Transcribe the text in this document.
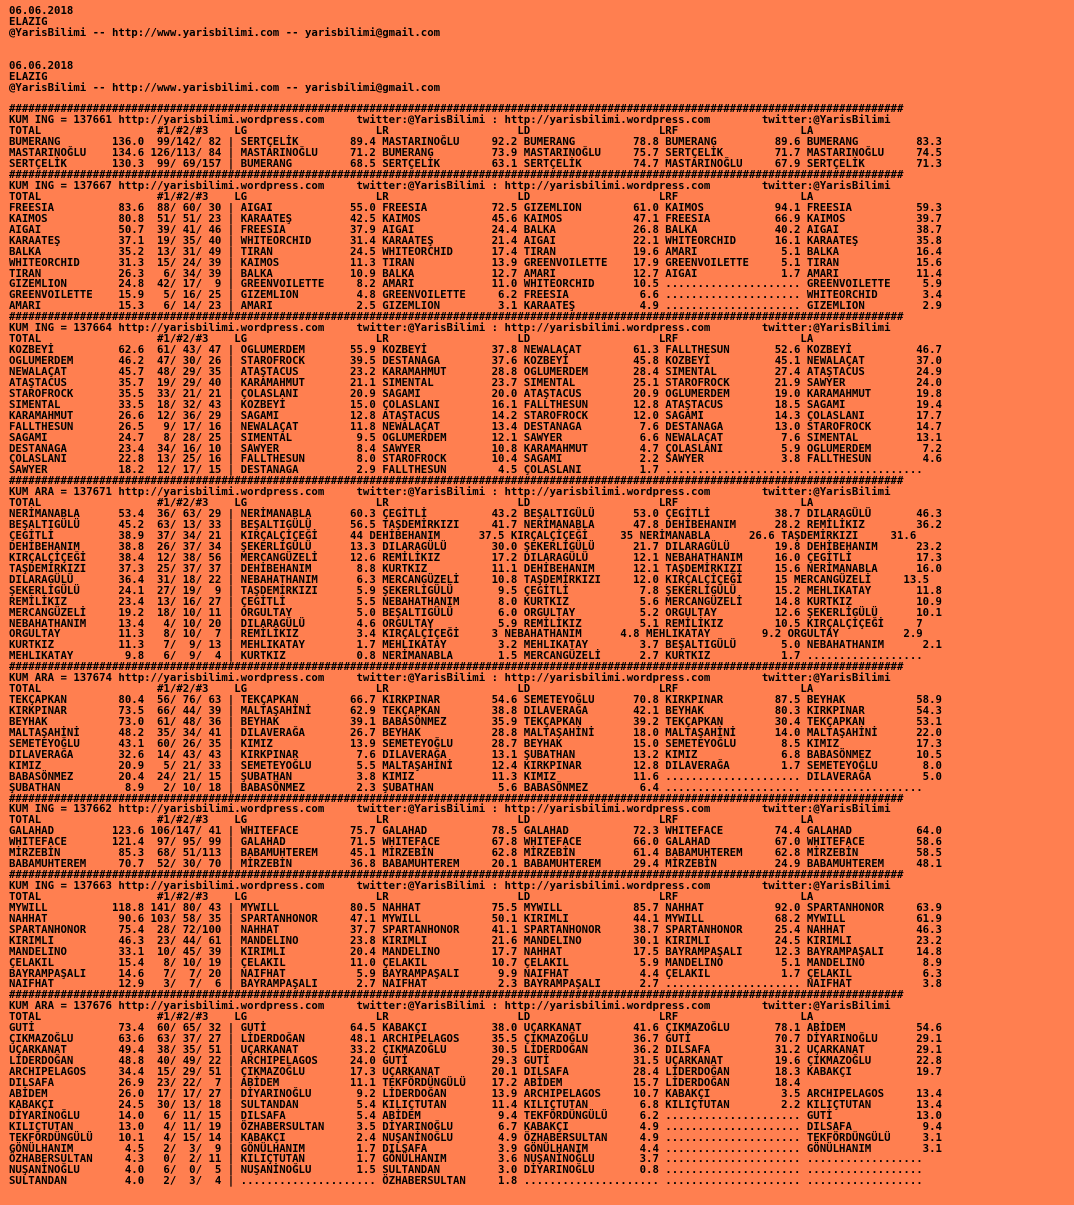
06.06.2018
ELAZIG
@YarisBilimi -- http://www.yarisbilimi.com -- yarisbilimi@gmail.com
06.06.2018
ELAZIG
@YarisBilimi -- http://www.yarisbilimi.com -- yarisbilimi@gmail.com
###########################################################################################################################################
KUM ING = 137661 http://yarisbilimi.wordpress.com     twitter:@YarisBilimi : http://yarisbilimi.wordpress.com        twitter:@YarisBilimi
TOTAL                  #1/#2/#3    LG                    LR                    LD                    LRF                   LA
BUMERANG        136.0  99/142/ 82 | SERTÇELİK        89.4 MASTARINOĞLU     92.2 BUMERANG         78.8 BUMERANG         89.6 BUMERANG         83.3
MASTARINOĞLU    134.6 126/113/ 84 | MASTARINOĞLU     71.2 BUMERANG         73.9 MASTARINOĞLU     75.7 SERTÇELİK        71.7 MASTARINOĞLU     74.5
SERTÇELİK       130.3  99/ 69/157 | BUMERANG         68.5 SERTÇELİK        63.1 SERTÇELİK        74.7 MASTARINOĞLU     67.9 SERTÇELİK        71.3
###########################################################################################################################################
KUM ING = 137667 http://yarisbilimi.wordpress.com     twitter:@YarisBilimi : http://yarisbilimi.wordpress.com        twitter:@YarisBilimi
TOTAL                  #1/#2/#3    LG                    LR                    LD                    LRF                   LA
FREESIA          83.6  88/ 60/ 30 | AIGAI            55.0 FREESIA          72.5 GIZEMLION        61.0 KAIMOS           94.1 FREESIA          59.3
KAIMOS           80.8  51/ 51/ 23 | KARAATEŞ         42.5 KAIMOS           45.6 KAIMOS           47.1 FREESIA          66.9 KAIMOS           39.7
AIGAI            50.7  39/ 41/ 46 | FREESIA          37.9 AIGAI            24.4 BALKA            26.8 BALKA            40.2 AIGAI            38.7
KARAATEŞ         37.1  19/ 35/ 40 | WHITEORCHID      31.4 KARAATEŞ         21.4 AIGAI            22.1 WHITEORCHID      16.1 KARAATEŞ         35.8
BALKA            35.2  13/ 31/ 49 | TIRAN            24.5 WHITEORCHID      17.4 TIRAN            19.6 AMARI             5.1 BALKA            16.4
WHITEORCHID      31.3  15/ 24/ 39 | KAIMOS           11.3 TIRAN            13.9 GREENVOILETTE    17.9 GREENVOILETTE     5.1 TIRAN            15.6
TIRAN            26.3   6/ 34/ 39 | BALKA            10.9 BALKA            12.7 AMARI            12.7 AIGAI             1.7 AMARI            11.4
GIZEMLION        24.8  42/ 17/  9 | GREENVOILETTE     8.2 AMARI            11.0 WHITEORCHID      10.5 ..................... GREENVOILETTE     5.9
GREENVOILETTE    15.9   5/ 16/ 25 | GIZEMLION         4.8 GREENVOILETTE     6.2 FREESIA           6.6 ..................... WHITEORCHID       3.4
AMARI            15.3   6/ 14/ 23 | AMARI             2.5 GIZEMLION         3.1 KARAATEŞ          4.9 ..................... GIZEMLION         2.9
###########################################################################################################################################
KUM ING = 137664 http://yarisbilimi.wordpress.com     twitter:@YarisBilimi : http://yarisbilimi.wordpress.com        twitter:@YarisBilimi
TOTAL                  #1/#2/#3    LG                    LR                    LD                    LRF                   LA
KOZBEYİ          62.6  61/ 43/ 47 | OGLUMERDEM       55.9 KOZBEYİ          37.8 NEWALAÇAT        61.3 FALLTHESUN       52.6 KOZBEYİ          46.7
OGLUMERDEM       46.2  47/ 30/ 26 | STAROFROCK       39.5 DESTANAGA        37.6 KOZBEYİ          45.8 KOZBEYİ          45.1 NEWALAÇAT        37.0
NEWALAÇAT        45.7  48/ 29/ 35 | ATAŞTACUS        23.2 KARAMAHMUT       28.8 OGLUMERDEM       28.4 SIMENTAL         27.4 ATAŞTACUS        24.9
ATAŞTACUS        35.7  19/ 29/ 40 | KARAMAHMUT       21.1 SIMENTAL         23.7 SIMENTAL         25.1 STAROFROCK       21.9 SAWYER           24.0
STAROFROCK       35.5  33/ 21/ 21 | ÇOLASLANI        20.9 SAGAMI           20.0 ATAŞTACUS        20.9 OGLUMERDEM       19.0 KARAMAHMUT       19.8
SIMENTAL         33.5  18/ 32/ 43 | KOZBEYİ          15.0 ÇOLASLANI        16.1 FALLTHESUN       12.8 ATAŞTACUS        18.5 SAGAMI           19.4
KARAMAHMUT       26.6  12/ 36/ 29 | SAGAMI           12.8 ATAŞTACUS        14.2 STAROFROCK       12.0 SAGAMI           14.3 ÇOLASLANI        17.7
FALLTHESUN       26.5   9/ 17/ 16 | NEWALAÇAT        11.8 NEWALAÇAT        13.4 DESTANAGA         7.6 DESTANAGA        13.0 STAROFROCK       14.7
SAGAMI           24.7   8/ 28/ 25 | SIMENTAL          9.5 OGLUMERDEM       12.1 SAWYER            6.6 NEWALAÇAT         7.6 SIMENTAL         13.1
DESTANAGA        23.4  34/ 16/ 10 | SAWYER            8.4 SAWYER           10.8 KARAMAHMUT        4.7 ÇOLASLANI         5.9 OGLUMERDEM        7.2
ÇOLASLANI        22.8  13/ 25/ 16 | FALLTHESUN        8.0 STAROFROCK       10.4 SAGAMI            2.2 SAWYER            3.8 FALLTHESUN        4.6
SAWYER           18.2  12/ 17/ 15 | DESTANAGA         2.9 FALLTHESUN        4.5 ÇOLASLANI         1.7 ..................... ..................
###########################################################################################################################################
KUM ARA = 137671 http://yarisbilimi.wordpress.com     twitter:@YarisBilimi : http://yarisbilimi.wordpress.com        twitter:@YarisBilimi
TOTAL                  #1/#2/#3    LG                    LR                    LD                    LRF                   LA
NERİMANABLA      53.4  36/ 63/ 29 | NERİMANABLA      60.3 ÇEGİTLİ          43.2 BEŞALTIGÜLÜ      53.0 ÇEGİTLİ          38.7 DILARAGÜLÜ       46.3
BEŞALTIGÜLÜ      45.2  63/ 13/ 33 | BEŞALTIGÜLÜ      56.5 TAŞDEMİRKIZI     41.7 NERİMANABLA      47.8 DEHİBEHANIM      28.2 REMİLİKIZ        36.2
ÇEGİTLİ          38.9  37/ 34/ 21 | KIRÇALÇİÇEĞİ     44 DEHİBEHANIM      37.5 KIRÇALÇİÇEĞİ     35 NERİMANABLA      26.6 TAŞDEMİRKIZI     31.6
DEHİBEHANIM      38.8  26/ 37/ 34 | ŞEKERLİGÜLÜ      13.3 DILARAGÜLÜ       30.0 ŞEKERLİGÜLÜ      21.7 DILARAGÜLÜ       19.8 DEHİBEHANIM      23.2
KIRÇALÇİÇEĞİ     38.4  12/ 38/ 56 | MERCANGÜZELİ     12.6 REMİLİKIZ        17.2 DILARAGÜLÜ       12.1 NEBAHATHANIM     16.0 ÇEGİTLİ          17.3
TAŞDEMİRKIZI     37.3  25/ 37/ 37 | DEHİBEHANIM       8.8 KURTKIZ          11.1 DEHİBEHANIM      12.1 TAŞDEMİRKIZI     15.6 NERİMANABLA      16.0
DILARAGÜLÜ       36.4  31/ 18/ 22 | NEBAHATHANIM      6.3 MERCANGÜZELİ     10.8 TAŞDEMİRKIZI     12.0 KIRÇALÇİÇEĞİ     15 MERCANGÜZELİ     13.5
ŞEKERLİGÜLÜ      24.1  27/ 19/  9 | TAŞDEMİRKIZI      5.9 ŞEKERLİGÜLÜ       9.5 ÇEGİTLİ           7.8 ŞEKERLİGÜLÜ      15.2 MEHLIKATAY       11.8
REMİLİKIZ        23.4  13/ 16/ 27 | ÇEGİTLİ           5.5 NEBAHATHANIM      8.0 KURTKIZ           5.6 MERCANGÜZELİ     14.8 KURTKIZ          10.9
MERCANGÜZELİ     19.2  18/ 10/ 11 | ORGULTAY          5.0 BEŞALTIGÜLÜ       6.0 ORGULTAY          5.2 ORGULTAY         12.6 ŞEKERLİGÜLÜ      10.1
NEBAHATHANIM     13.4   4/ 10/ 20 | DILARAGÜLÜ        4.6 ORGULTAY          5.9 REMİLİKIZ         5.1 REMİLİKIZ        10.5 KIRÇALÇİÇEĞİ     7
ORGULTAY         11.3   8/ 10/  7 | REMİLİKIZ         3.4 KIRÇALÇİÇEĞİ     3 NEBAHATHANIM      4.8 MEHLIKATAY        9.2 ORGULTAY          2.9
KURTKIZ          11.3   7/  9/ 13 | MEHLIKATAY        1.7 MEHLIKATAY        3.2 MEHLIKATAY        3.7 BEŞALTIGÜLÜ       5.0 NEBAHATHANIM      2.1
MEHLIKATAY        9.8   6/  9/  4 | KURTKIZ           0.8 NERİMANABLA       1.5 MERCANGÜZELİ      2.7 KURTKIZ           1.7 ..................
###########################################################################################################################################
KUM ARA = 137674 http://yarisbilimi.wordpress.com     twitter:@YarisBilimi : http://yarisbilimi.wordpress.com        twitter:@YarisBilimi
TOTAL                  #1/#2/#3    LG                    LR                    LD                    LRF                   LA
TEKÇAPKAN        80.4  56/ 76/ 63 | TEKÇAPKAN        66.7 KIRKPINAR        54.6 SEMETEYOĞLU      70.8 KIRKPINAR        87.5 BEYHAK           58.9
KIRKPINAR        73.5  66/ 44/ 39 | MALTAŞAHİNİ      62.9 TEKÇAPKAN        38.8 DILAVERAĞA       42.1 BEYHAK           80.3 KIRKPINAR        54.3
BEYHAK           73.0  61/ 48/ 36 | BEYHAK           39.1 BABASÖNMEZ       35.9 TEKÇAPKAN        39.2 TEKÇAPKAN        30.4 TEKÇAPKAN        53.1
MALTAŞAHİNİ      48.2  35/ 34/ 41 | DILAVERAĞA       26.7 BEYHAK           28.8 MALTAŞAHİNİ      18.0 MALTAŞAHİNİ      14.0 MALTAŞAHİNİ      22.0
SEMETEYOĞLU      43.1  60/ 26/ 35 | KIMIZ            13.9 SEMETEYOĞLU      28.7 BEYHAK           15.0 SEMETEYOĞLU       8.5 KIMIZ            17.3
DILAVERAĞA       32.6  14/ 43/ 43 | KIRKPINAR         7.6 DILAVERAĞA       13.1 ŞUBATHAN         13.2 KIMIZ             6.8 BABASÖNMEZ       10.5
KIMIZ            20.9   5/ 21/ 33 | SEMETEYOĞLU       5.5 MALTAŞAHİNİ      12.4 KIRKPINAR        12.8 DILAVERAĞA        1.7 SEMETEYOĞLU       8.0
BABASÖNMEZ       20.4  24/ 21/ 15 | ŞUBATHAN          3.8 KIMIZ            11.3 KIMIZ            11.6 ..................... DILAVERAĞA        5.0
ŞUBATHAN          8.9   2/ 10/ 18 | BABASÖNMEZ        2.3 ŞUBATHAN          5.6 BABASÖNMEZ        6.4 ..................... ..................
###########################################################################################################################################
KUM ING = 137662 http://yarisbilimi.wordpress.com     twitter:@YarisBilimi : http://yarisbilimi.wordpress.com        twitter:@YarisBilimi
TOTAL                  #1/#2/#3    LG                    LR                    LD                    LRF                   LA
GALAHAD         123.6 106/147/ 41 | WHITEFACE        75.7 GALAHAD          78.5 GALAHAD          72.3 WHITEFACE        74.4 GALAHAD          64.0
WHITEFACE       121.4  97/ 95/ 99 | GALAHAD          71.5 WHITEFACE        67.8 WHITEFACE        66.0 GALAHAD          67.0 WHITEFACE        58.6
MİRZEBİN         85.3  68/ 51/113 | BABAMUHTEREM     45.1 MİRZEBİN         62.8 MİRZEBİN         61.4 BABAMUHTEREM     62.8 MİRZEBİN         58.5
BABAMUHTEREM     70.7  52/ 30/ 70 | MİRZEBİN         36.8 BABAMUHTEREM     20.1 BABAMUHTEREM     29.4 MİRZEBİN         24.9 BABAMUHTEREM     48.1
###########################################################################################################################################
KUM ING = 137663 http://yarisbilimi.wordpress.com     twitter:@YarisBilimi : http://yarisbilimi.wordpress.com        twitter:@YarisBilimi
TOTAL                  #1/#2/#3    LG                    LR                    LD                    LRF                   LA
MYWILL          118.8 141/ 80/ 43 | MYWILL           80.5 NAHHAT           75.5 MYWILL           85.7 NAHHAT           92.0 SPARTANHONOR     63.9
NAHHAT           90.6 103/ 58/ 35 | SPARTANHONOR     47.1 MYWILL           50.1 KIRIMLI          44.1 MYWILL           68.2 MYWILL           61.9
SPARTANHONOR     75.4  28/ 72/100 | NAHHAT           37.7 SPARTANHONOR     41.1 SPARTANHONOR     38.7 SPARTANHONOR     25.4 NAHHAT           46.3
KIRIMLI          46.3  23/ 44/ 61 | MANDELINO        23.8 KIRIMLI          21.6 MANDELINO        30.1 KIRIMLI          24.5 KIRIMLI          23.2
MANDELINO        33.1  10/ 45/ 39 | KIRIMLI          20.4 MANDELINO        17.7 NAHHAT           17.5 BAYRAMPAŞALI     12.3 BAYRAMPAŞALI     14.8
ÇELAKIL          15.4   8/ 10/ 19 | ÇELAKIL          11.0 ÇELAKIL          10.7 ÇELAKIL           5.9 MANDELINO         5.1 MANDELINO         8.9
BAYRAMPAŞALI     14.6   7/  7/ 20 | NAIFHAT           5.9 BAYRAMPAŞALI      9.9 NAIFHAT           4.4 ÇELAKIL           1.7 ÇELAKIL           6.3
NAIFHAT          12.9   3/  7/  6 | BAYRAMPAŞALI      2.7 NAIFHAT           2.3 BAYRAMPAŞALI      2.7 ..................... NAIFHAT           3.8
###########################################################################################################################################
KUM ARA = 137676 http://yarisbilimi.wordpress.com     twitter:@YarisBilimi : http://yarisbilimi.wordpress.com        twitter:@YarisBilimi
TOTAL                  #1/#2/#3    LG                    LR                    LD                    LRF                   LA
GUTİ             73.4  60/ 65/ 32 | GUTİ             64.5 KABAKÇI          38.0 UÇARKANAT        41.6 ÇIKMAZOĞLU       78.1 ABİDEM           54.6
ÇIKMAZOĞLU       63.6  63/ 37/ 27 | LİDERDOĞAN       48.1 ARCHIPELAGOS     35.5 ÇIKMAZOĞLU       36.7 GUTİ             70.7 DİYARINOĞLU      29.1
UÇARKANAT        49.4  38/ 35/ 51 | UÇARKANAT        33.2 ÇIKMAZOĞLU       30.5 LİDERDOĞAN       36.2 DILSAFA          31.2 UÇARKANAT        29.1
LİDERDOĞAN       48.8  40/ 49/ 22 | ARCHIPELAGOS     24.0 GUTİ             29.3 GUTİ             31.5 UÇARKANAT        19.6 ÇIKMAZOĞLU       22.8
ARCHIPELAGOS     34.4  15/ 29/ 51 | ÇIKMAZOĞLU       17.3 UÇARKANAT        20.1 DILSAFA          28.4 LİDERDOĞAN       18.3 KABAKÇI          19.7
DILSAFA          26.9  23/ 22/  7 | ABİDEM           11.1 TEKFÖRDÜNGÜLÜ    17.2 ABİDEM           15.7 LİDERDOĞAN       18.4
ABİDEM           26.0  17/ 17/ 27 | DİYARINOĞLU       9.2 LİDERDOĞAN       13.9 ARCHIPELAGOS     10.7 KABAKÇI           3.5 ARCHIPELAGOS     13.4
KABAKÇI          24.5  30/ 13/ 18 | SULTANDAN         5.4 KILIÇTUTAN       11.4 KILIÇTUTAN        6.8 KILIÇTUTAN        2.2 KILIÇTUTAN       13.4
DİYARINOĞLU      14.0   6/ 11/ 15 | DILSAFA           5.4 ABİDEM            9.4 TEKFÖRDÜNGÜLÜ     6.2 ..................... GUTİ             13.0
KILIÇTUTAN       13.0   4/ 11/ 19 | ÖZHABERSULTAN     3.5 DİYARINOĞLU       6.7 KABAKÇI           4.9 ..................... DILSAFA           9.4
TEKFÖRDÜNGÜLÜ    10.1   4/ 15/ 14 | KABAKÇI           2.4 NUŞANİNOĞLU       4.9 ÖZHABERSULTAN     4.9 ..................... TEKFÖRDÜNGÜLÜ     3.1
GÖNÜLHANIM        4.5   2/  3/  9 | GÖNÜLHANIM        1.7 DILSAFA           3.9 GÖNÜLHANIM        4.4 ..................... GÖNÜLHANIM        3.1
ÖZHABERSULTAN     4.3   0/  2/ 11 | KILIÇTUTAN        1.7 GÖNÜLHANIM        3.6 NUŞANİNOĞLU       3.7 ..................... ..................
NUŞANİNOĞLU       4.0   6/  0/  5 | NUŞANİNOĞLU       1.5 SULTANDAN         3.0 DİYARINOĞLU       0.8 ..................... ..................
SULTANDAN         4.0   2/  3/  4 | ..................... ÖZHABERSULTAN     1.8 ..................... ..................... ..................
